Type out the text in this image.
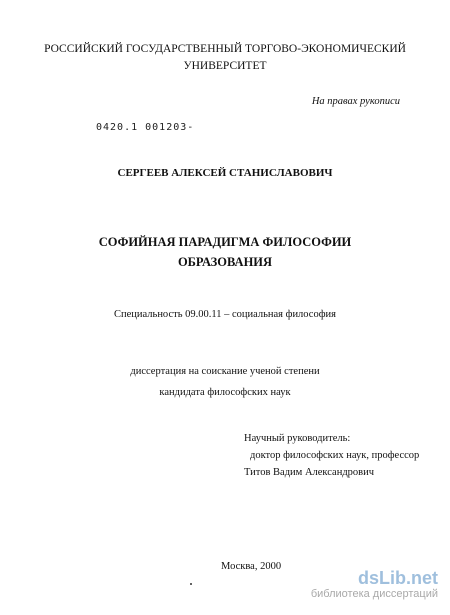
РОССИЙСКИЙ ГОСУДАРСТВЕННЫЙ ТОРГОВО-ЭКОНОМИЧЕСКИЙ
УНИВЕРСИТЕТ
На правах рукописи
0420.1 001203-
СЕРГЕЕВ АЛЕКСЕЙ СТАНИСЛАВОВИЧ
СОФИЙНАЯ ПАРАДИГМА ФИЛОСОФИИ
ОБРАЗОВАНИЯ
Специальность 09.00.11 – социальная философия
диссертация на соискание ученой степени
кандидата философских наук
Научный руководитель:
доктор философских наук, профессор
Титов Вадим Александрович
Москва, 2000
dsLib.net
библиотека диссертаций
